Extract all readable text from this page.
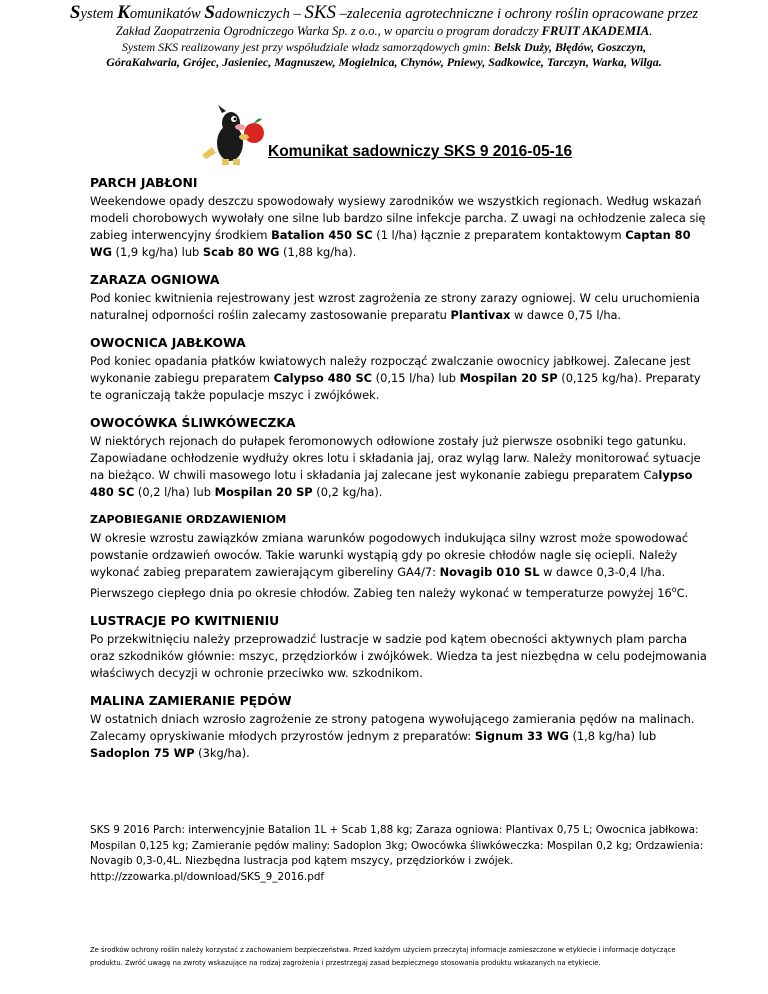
System Komunikatów Sadowniczych – SKS –zalecenia agrotechniczne i ochrony roślin opracowane przez
Zakład Zaopatrzenia Ogrodniczego Warka Sp. z o.o., w oparciu o program doradczy FRUIT AKADEMIA.
System SKS realizowany jest przy współudziale władz samorządowych gmin: Belsk Duży, Błędów, Goszczyn,
GóraKalwaria, Grójec, Jasieniec, Magnuszew, Mogielnica, Chynów, Pniewy, Sadkowice, Tarczyn, Warka, Wilga.
Komunikat sadowniczy SKS 9 2016-05-16
PARCH JABŁONI

Weekendowe opady deszczu spowodowały wysiewy zarodników we wszystkich regionach. Według wskazań modeli chorobowych wywołały one silne lub bardzo silne infekcje parcha. Z uwagi na ochłodzenie zaleca się zabieg interwencyjny środkiem Batalion 450 SC (1 l/ha) łącznie z preparatem kontaktowym Captan 80 WG (1,9 kg/ha) lub Scab 80 WG (1,88 kg/ha).

ZARAZA OGNIOWA

Pod koniec kwitnienia rejestrowany jest wzrost zagrożenia ze strony zarazy ogniowej. W celu uruchomienia naturalnej odporności roślin zalecamy zastosowanie preparatu Plantivax w dawce 0,75 l/ha.

OWOCNICA JABŁKOWA

Pod koniec opadania płatków kwiatowych należy rozpocząć zwalczanie owocnicy jabłkowej. Zalecane jest wykonanie zabiegu preparatem Calypso 480 SC (0,15 l/ha) lub Mospilan 20 SP (0,125 kg/ha). Preparaty te ograniczają także populacje mszyc i zwójkówek.

OWOCÓWKA ŚLIWKÓWECZKA

W niektórych rejonach do pułapek feromonowych odłowione zostały już pierwsze osobniki tego gatunku. Zapowiadane ochłodzenie wydłuży okres lotu i składania jaj, oraz wyląg larw. Należy monitorować sytuacje na bieżąco. W chwili masowego lotu i składania jaj zalecane jest wykonanie zabiegu preparatem Calypso 480 SC (0,2 l/ha) lub Mospilan 20 SP (0,2 kg/ha).

ZAPOBIEGANIE ORDZAWIENIOM

W okresie wzrostu zawiązków zmiana warunków pogodowych indukująca silny wzrost może spowodować powstanie ordzawień owoców. Takie warunki wystąpią gdy po okresie chłodów nagle się ociepli. Należy wykonać zabieg preparatem zawierającym gibereliny GA4/7: Novagib 010 SL w dawce 0,3-0,4 l/ha. Pierwszego ciepłego dnia po okresie chłodów. Zabieg ten należy wykonać w temperaturze powyżej 16$^o$C.

LUSTRACJE PO KWITNIENIU

Po przekwitnięciu należy przeprowadzić lustracje w sadzie pod kątem obecności aktywnych plam parcha oraz szkodników głównie: mszyc, przędziorków i zwójkówek. Wiedza ta jest niezbędna w celu podejmowania właściwych decyzji w ochronie przeciwko ww. szkodnikom.

MALINA ZAMIERANIE PĘDÓW

W ostatnich dniach wzrosło zagrożenie ze strony patogena wywołującego zamierania pędów na malinach. Zalecamy opryskiwanie młodych przyrostów jednym z preparatów: Signum 33 WG (1,8 kg/ha) lub Sadoplon 75 WP (3kg/ha).

SKS 9 2016 Parch: interwencyjnie Batalion 1L + Scab 1,88 kg; Zaraza ogniowa: Plantivax 0,75 L; Owocnica jabłkowa: Mospilan 0,125 kg; Zamieranie pędów maliny: Sadoplon 3kg; Owocówka śliwkóweczka: Mospilan 0,2 kg; Ordzawienia: Novagib 0,3-0,4L. Niezbędna lustracja pod kątem mszycy, przędziorków i zwójek. http://zzowarka.pl/download/SKS_9_2016.pdf
Ze środków ochrony roślin należy korzystać z zachowaniem bezpieczeństwa. Przed każdym użyciem przeczytaj informacje zamieszczone w etykiecie i informacje dotyczące produktu. Zwróć uwagę na zwroty wskazujące na rodzaj zagrożenia i przestrzegaj zasad bezpiecznego stosowania produktu wskazanych na etykiecie.
